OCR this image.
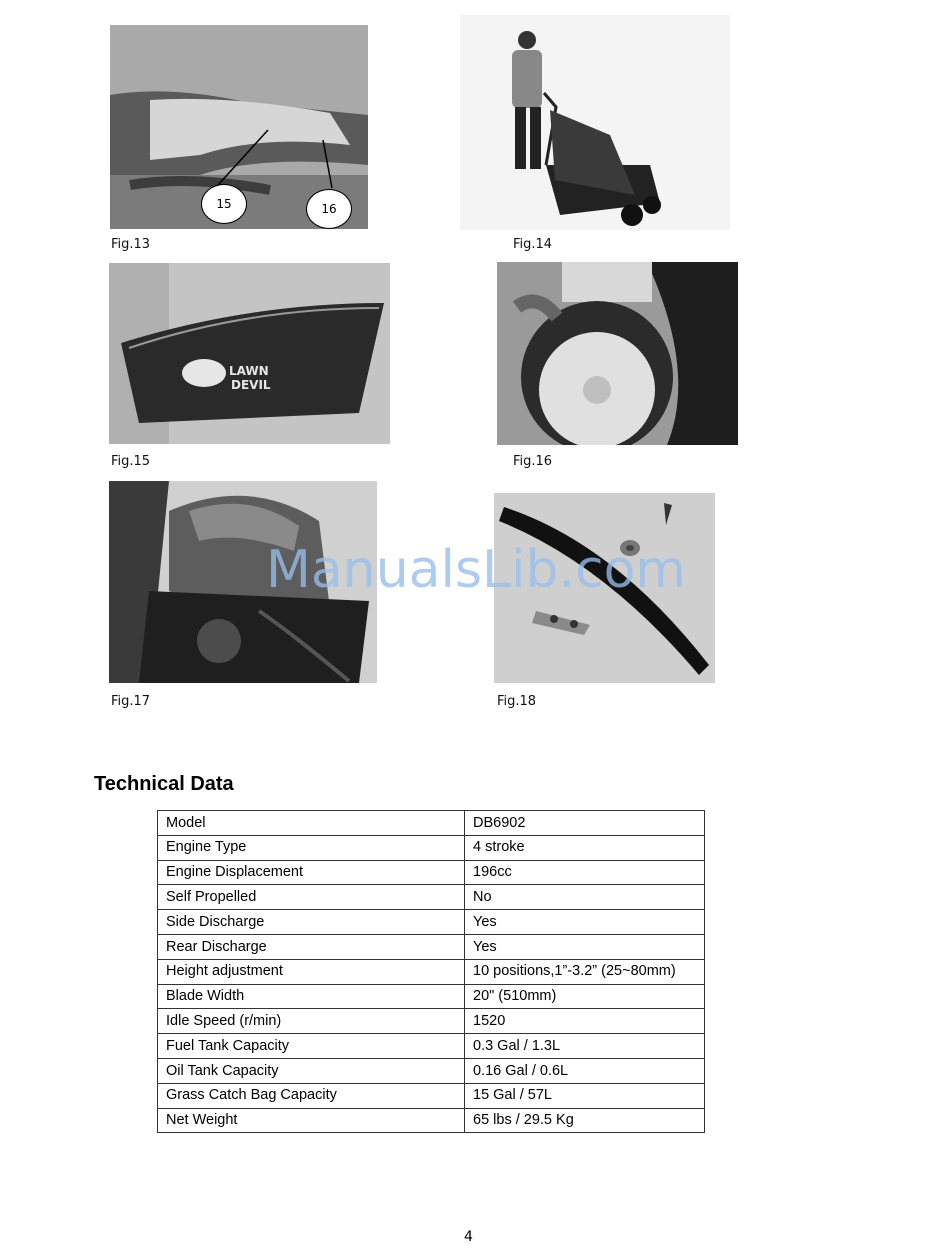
15	16
Fig.13	Fig.14
LAWN
DEVIL
Fig.15	Fig.16
Fig.17	Fig.18
ManualsLib.com
Technical Data
Model	DB6902
Engine Type	4 stroke
Engine Displacement	196cc
Self Propelled	No
Side Discharge	Yes
Rear Discharge	Yes
Height adjustment	10 positions,1”-3.2” (25~80mm)
Blade Width	20" (510mm)
Idle Speed (r/min)	1520
Fuel Tank Capacity	0.3 Gal / 1.3L
Oil Tank Capacity	0.16 Gal / 0.6L
Grass Catch Bag Capacity	15 Gal / 57L
Net Weight	65 lbs / 29.5 Kg
4
